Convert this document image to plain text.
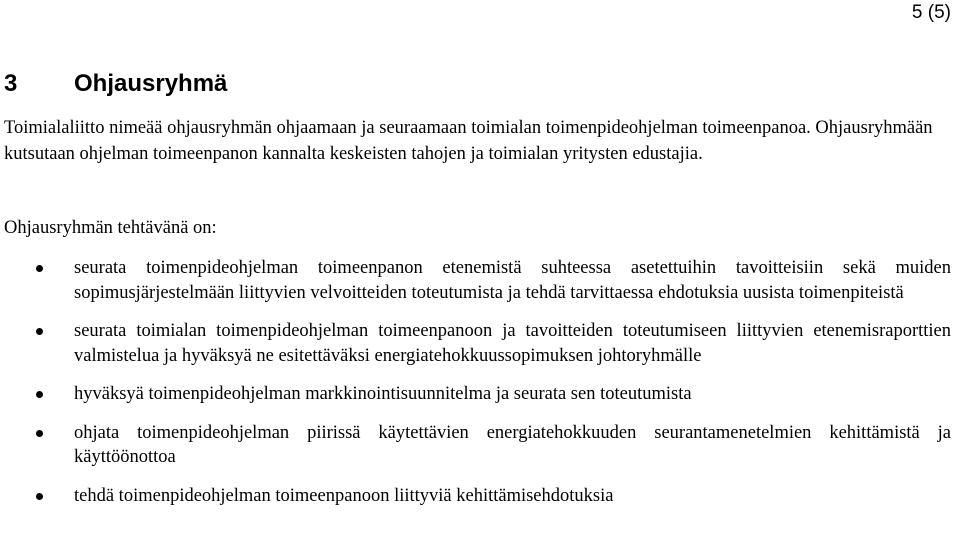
5 (5)
3	Ohjausryhmä

Toimialaliitto nimeää ohjausryhmän ohjaamaan ja seuraamaan toimialan toimenpideohjelman toimeenpanoa. Ohjausryhmään kutsutaan ohjelman toimeenpanon kannalta keskeisten tahojen ja toimialan yritysten edustajia.

Ohjausryhmän tehtävänä on:

seurata toimenpideohjelman toimeenpanon etenemistä suhteessa asetettuihin tavoitteisiin sekä muiden sopimusjärjestelmään liittyvien velvoitteiden toteutumista ja tehdä tarvittaessa ehdotuksia uusista toimenpiteistä
seurata toimialan toimenpideohjelman toimeenpanoon ja tavoitteiden toteutumiseen liittyvien etenemisraporttien valmistelua ja hyväksyä ne esitettäväksi energiatehokkuussopimuksen johtoryhmälle
hyväksyä toimenpideohjelman markkinointisuunnitelma ja seurata sen toteutumista
ohjata toimenpideohjelman piirissä käytettävien energiatehokkuuden seurantamenetelmien kehittämistä ja käyttöönottoa
tehdä toimenpideohjelman toimeenpanoon liittyviä kehittämisehdotuksia
